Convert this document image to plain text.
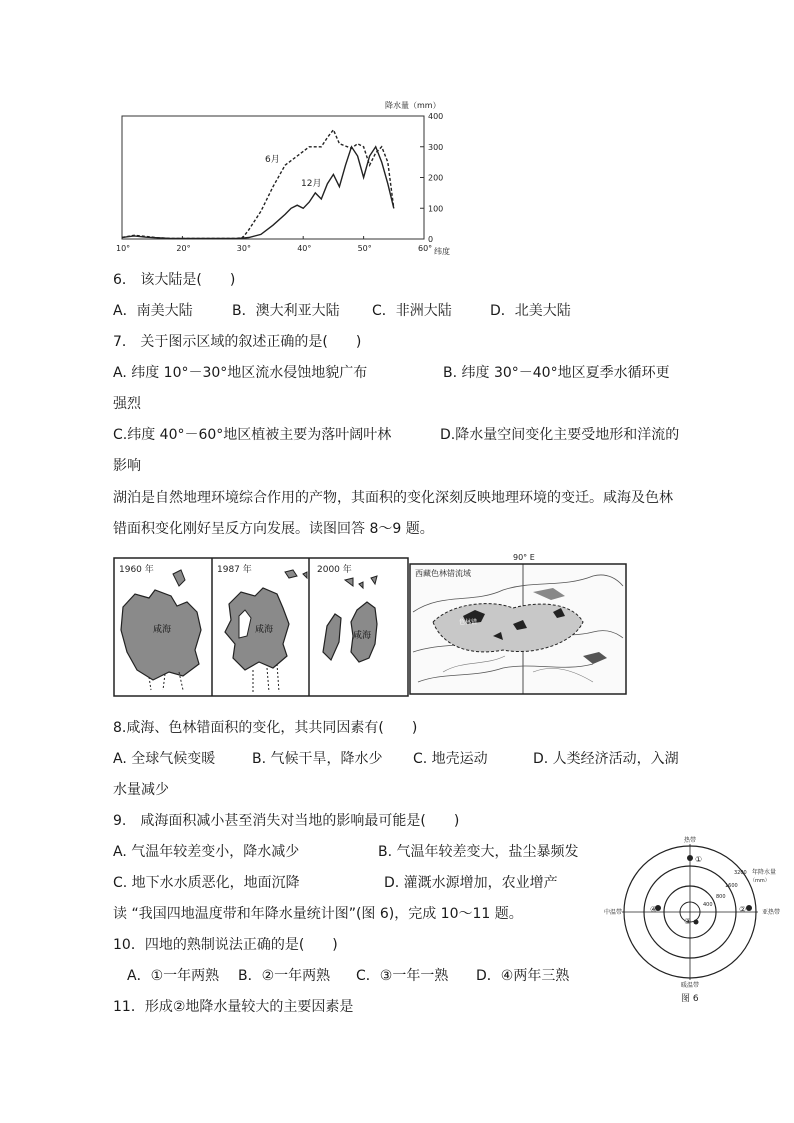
降水量（mm）
0
100
200
300
400
10°	20°	30°	40°	50°	60° 纬度
6月
12月
6． 该大陆是(　　)
A．南美大陆	B．澳大利亚大陆 C．非洲大陆	D．北美大陆
7． 关于图示区域的叙述正确的是(　　)
A. 纬度 10°－30°地区流水侵蚀地貌广布	B. 纬度 30°－40°地区夏季水循环更
强烈
C.纬度 40°－60°地区植被主要为落叶阔叶林	D.降水量空间变化主要受地形和洋流的
影响
湖泊是自然地理环境综合作用的产物，其面积的变化深刻反映地理环境的变迁。咸海及色林
错面积变化刚好呈反方向发展。读图回答 8～9 题。
1960 年
咸海
1987 年
咸海
2000 年
咸海
90° E
西藏色林错流域
色林错
8.咸海、色林错面积的变化，其共同因素有(　　)
A. 全球气候变暖	B. 气候干旱，降水少 C. 地壳运动	D. 人类经济活动，入湖
水量减少
9.　咸海面积减小甚至消失对当地的影响最可能是(　　)
A. 气温年较差变小，降水减少	B. 气温年较差变大，盐尘暴频发
C. 地下水水质恶化，地面沉降	D. 灌溉水源增加，农业增产
读 “我国四地温度带和年降水量统计图”(图 6)，完成 10～11 题。
10．四地的熟制说法正确的是(　　)
A．①一年两熟 B．②一年两熟 C．③一年一熟 D．④两年三熟
11．形成②地降水量较大的主要因素是
热带
暖温带
中温带	亚热带
年降水量
（mm）
3200
1600
800
400
①
②
③
④
图 6
